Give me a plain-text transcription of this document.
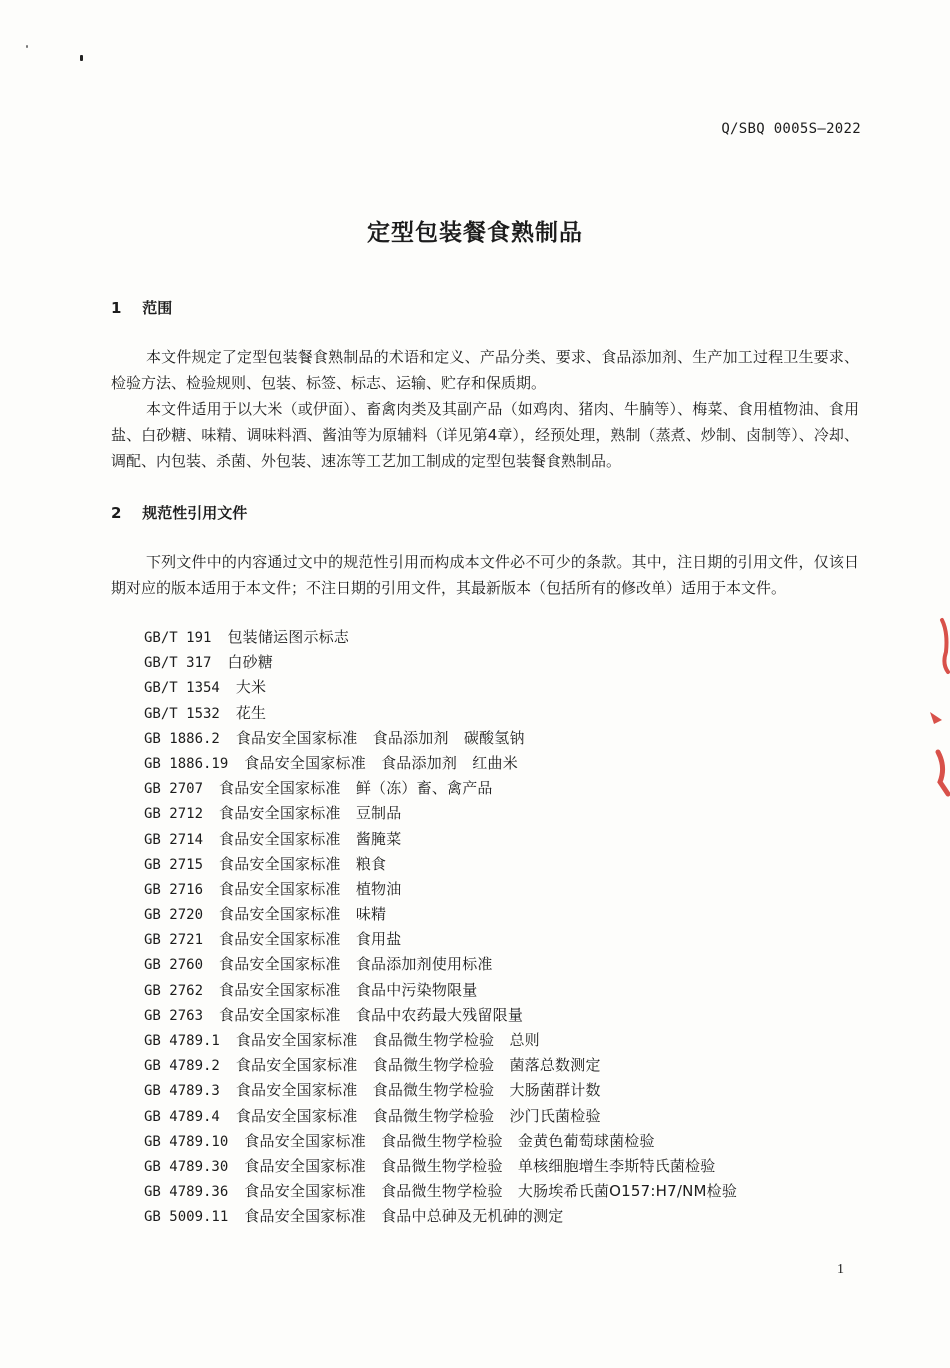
Q/SBQ 0005S—2022
定型包装餐食熟制品
1 范围
本文件规定了定型包装餐食熟制品的术语和定义、产品分类、要求、食品添加剂、生产加工过程卫生要求、检验方法、检验规则、包装、标签、标志、运输、贮存和保质期。
本文件适用于以大米（或伊面）、畜禽肉类及其副产品（如鸡肉、猪肉、牛腩等）、梅菜、食用植物油、食用盐、白砂糖、味精、调味料酒、酱油等为原辅料（详见第4章），经预处理，熟制（蒸煮、炒制、卤制等）、冷却、调配、内包装、杀菌、外包装、速冻等工艺加工制成的定型包装餐食熟制品。
2 规范性引用文件
下列文件中的内容通过文中的规范性引用而构成本文件必不可少的条款。其中，注日期的引用文件，仅该日期对应的版本适用于本文件；不注日期的引用文件，其最新版本（包括所有的修改单）适用于本文件。
GB/T 191 包装储运图示标志
GB/T 317 白砂糖
GB/T 1354 大米
GB/T 1532 花生
GB 1886.2 食品安全国家标准　食品添加剂　碳酸氢钠
GB 1886.19 食品安全国家标准　食品添加剂　红曲米
GB 2707 食品安全国家标准　鲜（冻）畜、禽产品
GB 2712 食品安全国家标准　豆制品
GB 2714 食品安全国家标准　酱腌菜
GB 2715 食品安全国家标准　粮食
GB 2716 食品安全国家标准　植物油
GB 2720 食品安全国家标准　味精
GB 2721 食品安全国家标准　食用盐
GB 2760 食品安全国家标准　食品添加剂使用标准
GB 2762 食品安全国家标准　食品中污染物限量
GB 2763 食品安全国家标准　食品中农药最大残留限量
GB 4789.1 食品安全国家标准　食品微生物学检验　总则
GB 4789.2 食品安全国家标准　食品微生物学检验　菌落总数测定
GB 4789.3 食品安全国家标准　食品微生物学检验　大肠菌群计数
GB 4789.4 食品安全国家标准　食品微生物学检验　沙门氏菌检验
GB 4789.10 食品安全国家标准　食品微生物学检验　金黄色葡萄球菌检验
GB 4789.30 食品安全国家标准　食品微生物学检验　单核细胞增生李斯特氏菌检验
GB 4789.36 食品安全国家标准　食品微生物学检验　大肠埃希氏菌O157:H7/NM检验
GB 5009.11 食品安全国家标准　食品中总砷及无机砷的测定
1
